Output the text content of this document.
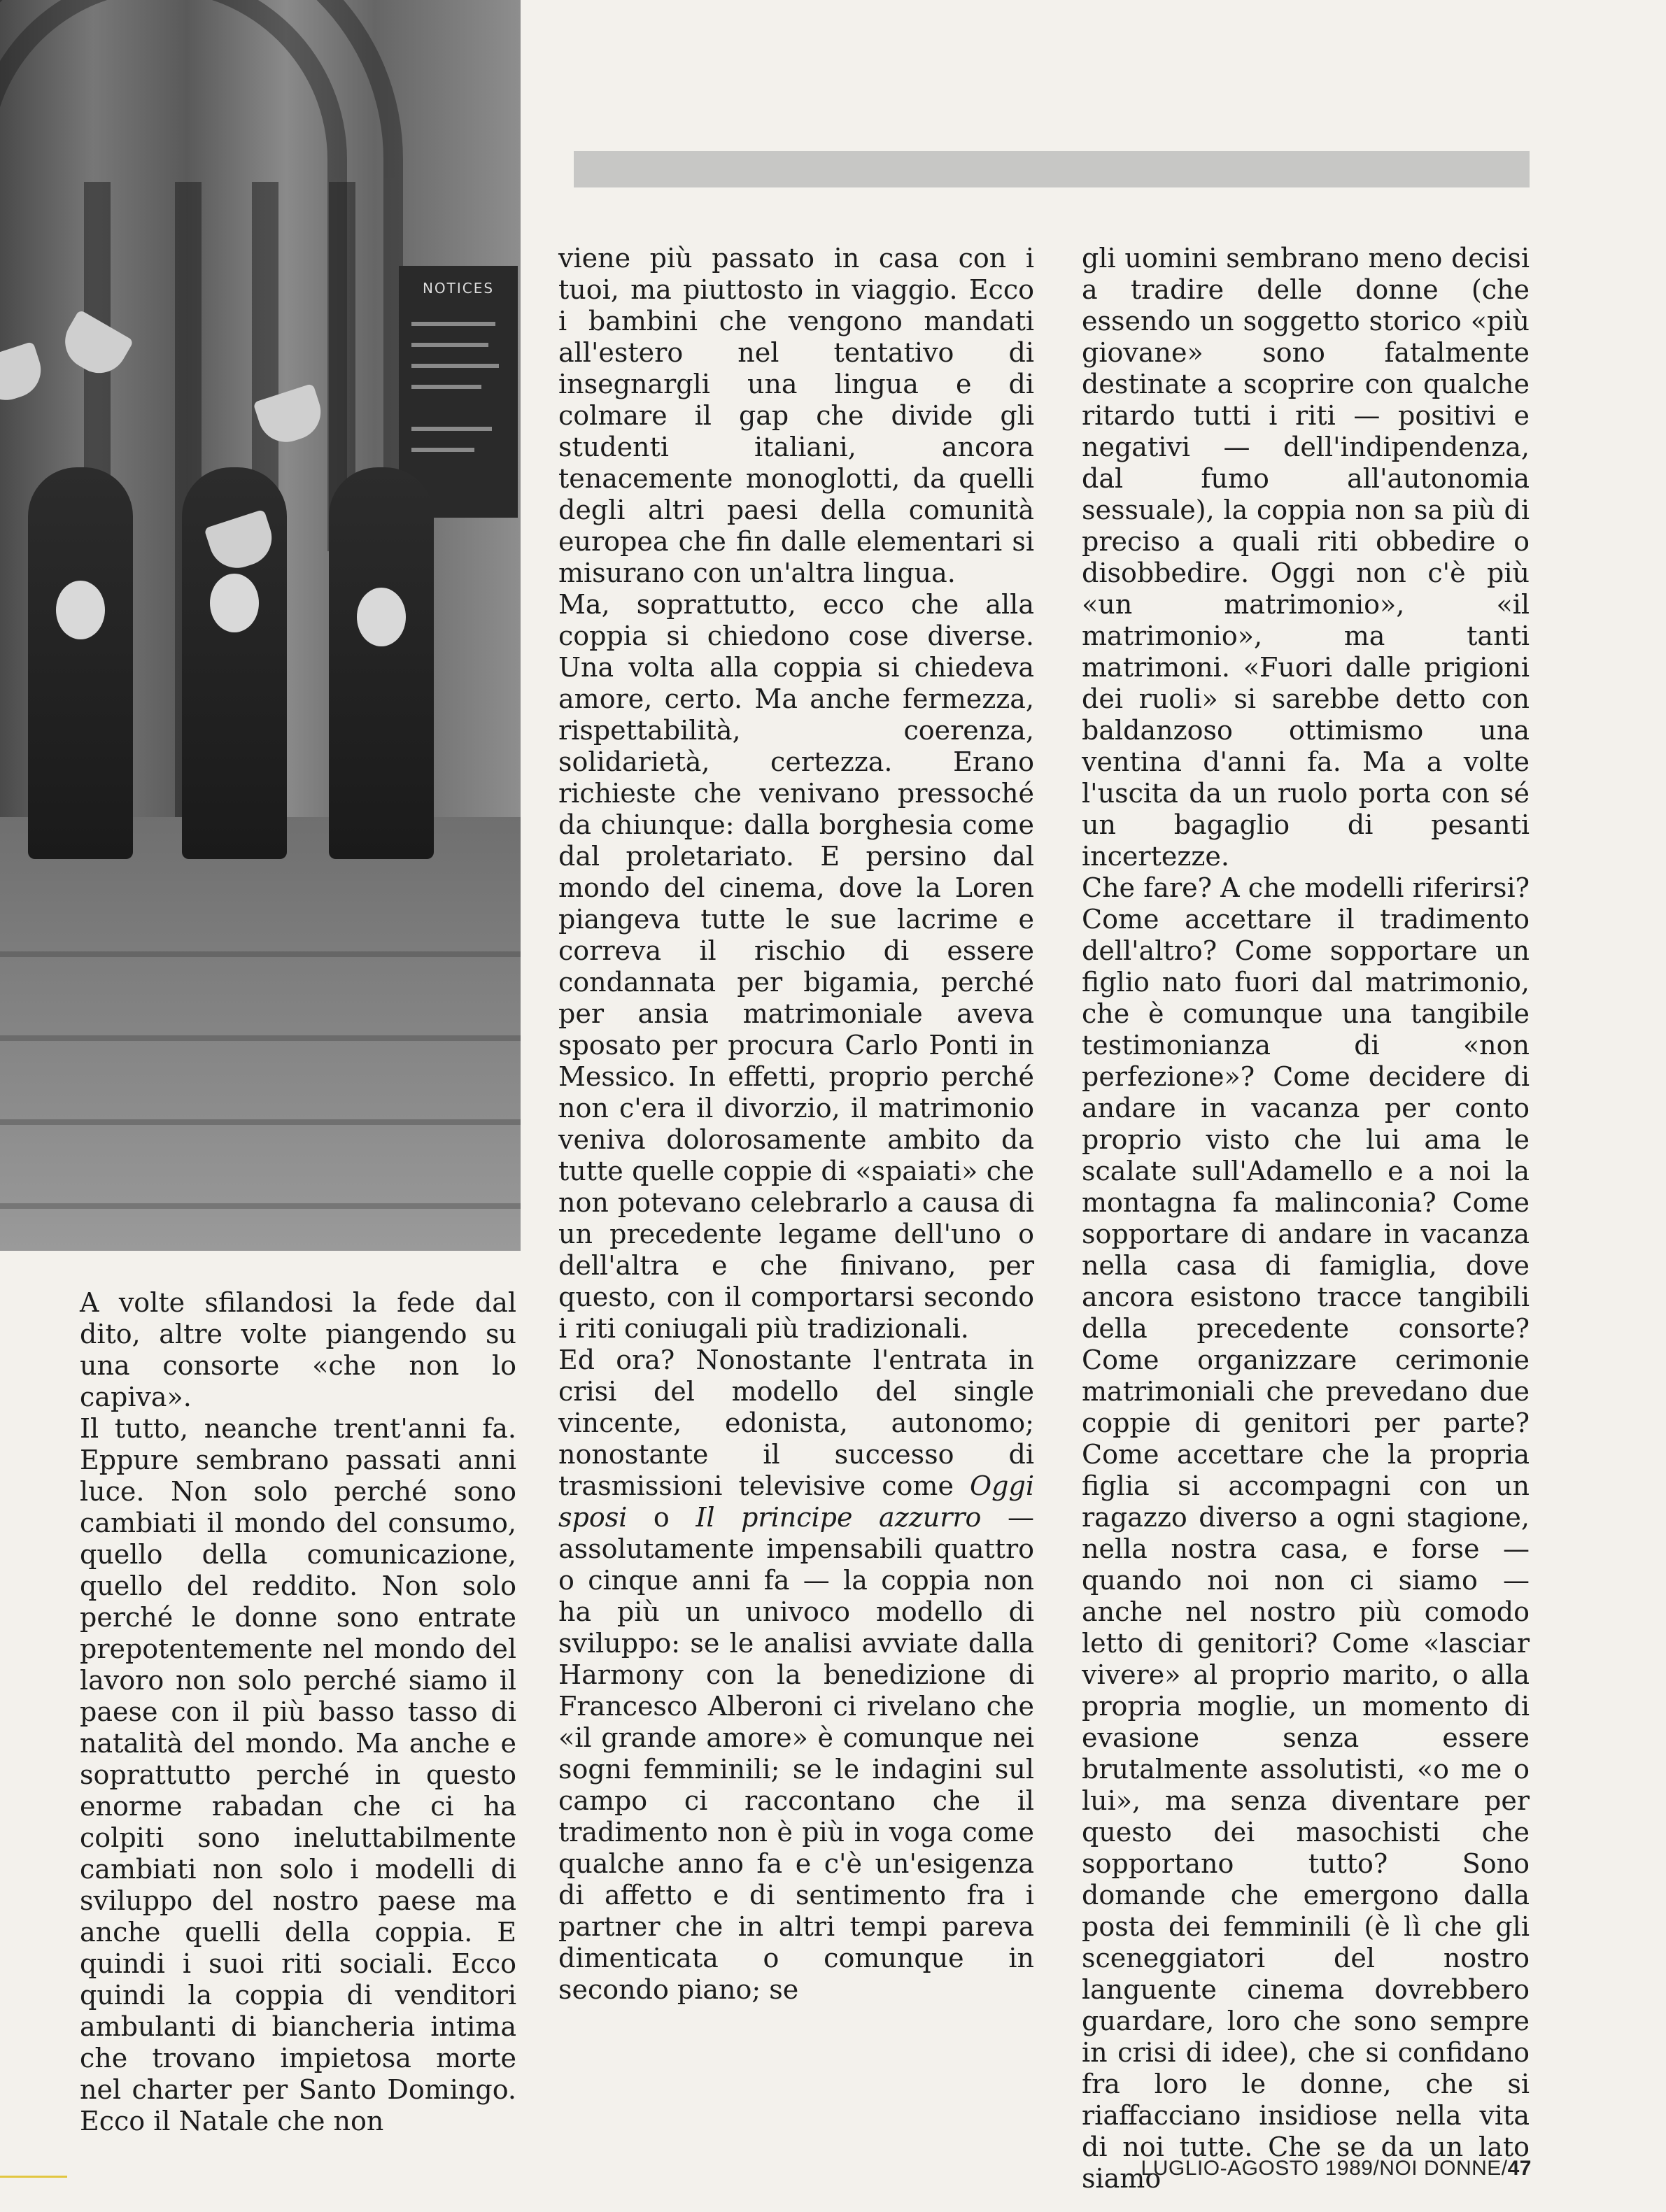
NOTICES
A volte sfilandosi la fede dal dito, altre volte piangendo su una consorte «che non lo capiva».
Il tutto, neanche trent'anni fa. Eppure sembrano passati anni luce. Non solo perché sono cambiati il mondo del consumo, quello della comunicazione, quello del reddito. Non solo perché le donne sono entrate prepotentemente nel mondo del lavoro non solo perché siamo il paese con il più basso tasso di natalità del mondo. Ma anche e soprattutto perché in questo enorme rabadan che ci ha colpiti sono ineluttabilmente cambiati non solo i modelli di sviluppo del nostro paese ma anche quelli della coppia. E quindi i suoi riti sociali. Ecco quindi la coppia di venditori ambulanti di biancheria intima che trovano impietosa morte nel charter per Santo Domingo. Ecco il Natale che non
viene più passato in casa con i tuoi, ma piuttosto in viaggio. Ecco i bambini che vengono mandati all'estero nel tentativo di insegnargli una lingua e di colmare il gap che divide gli studenti italiani, ancora tenacemente monoglotti, da quelli degli altri paesi della comunità europea che fin dalle elementari si misurano con un'altra lingua.
Ma, soprattutto, ecco che alla coppia si chiedono cose diverse. Una volta alla coppia si chiedeva amore, certo. Ma anche fermezza, rispettabilità, coerenza, solidarietà, certezza. Erano richieste che venivano pressoché da chiunque: dalla borghesia come dal proletariato. E persino dal mondo del cinema, dove la Loren piangeva tutte le sue lacrime e correva il rischio di essere condannata per bigamia, perché per ansia matrimoniale aveva sposato per procura Carlo Ponti in Messico. In effetti, proprio perché non c'era il divorzio, il matrimonio veniva dolorosamente ambito da tutte quelle coppie di «spaiati» che non potevano celebrarlo a causa di un precedente legame dell'uno o dell'altra e che finivano, per questo, con il comportarsi secondo i riti coniugali più tradizionali.
Ed ora? Nonostante l'entrata in crisi del modello del single vincente, edonista, autonomo; nonostante il successo di trasmissioni televisive come Oggi sposi o Il principe azzurro — assolutamente impensabili quattro o cinque anni fa — la coppia non ha più un univoco modello di sviluppo: se le analisi avviate dalla Harmony con la benedizione di Francesco Alberoni ci rivelano che «il grande amore» è comunque nei sogni femminili; se le indagini sul campo ci raccontano che il tradimento non è più in voga come qualche anno fa e c'è un'esigenza di affetto e di sentimento fra i partner che in altri tempi pareva dimenticata o comunque in secondo piano; se
gli uomini sembrano meno decisi a tradire delle donne (che essendo un soggetto storico «più giovane» sono fatalmente destinate a scoprire con qualche ritardo tutti i riti — positivi e negativi — dell'indipendenza, dal fumo all'autonomia sessuale), la coppia non sa più di preciso a quali riti obbedire o disobbedire. Oggi non c'è più «un matrimonio», «il matrimonio», ma tanti matrimoni. «Fuori dalle prigioni dei ruoli» si sarebbe detto con baldanzoso ottimismo una ventina d'anni fa. Ma a volte l'uscita da un ruolo porta con sé un bagaglio di pesanti incertezze.
Che fare? A che modelli riferirsi? Come accettare il tradimento dell'altro? Come sopportare un figlio nato fuori dal matrimonio, che è comunque una tangibile testimonianza di «non perfezione»? Come decidere di andare in vacanza per conto proprio visto che lui ama le scalate sull'Adamello e a noi la montagna fa malinconia? Come sopportare di andare in vacanza nella casa di famiglia, dove ancora esistono tracce tangibili della precedente consorte? Come organizzare cerimonie matrimoniali che prevedano due coppie di genitori per parte? Come accettare che la propria figlia si accompagni con un ragazzo diverso a ogni stagione, nella nostra casa, e forse — quando noi non ci siamo — anche nel nostro più comodo letto di genitori? Come «lasciar vivere» al proprio marito, o alla propria moglie, un momento di evasione senza essere brutalmente assolutisti, «o me o lui», ma senza diventare per questo dei masochisti che sopportano tutto? Sono domande che emergono dalla posta dei femminili (è lì che gli sceneggiatori del nostro languente cinema dovrebbero guardare, loro che sono sempre in crisi di idee), che si confidano fra loro le donne, che si riaffacciano insidiose nella vita di noi tutte. Che se da un lato siamo
LUGLIO-AGOSTO 1989/NOI DONNE/47
